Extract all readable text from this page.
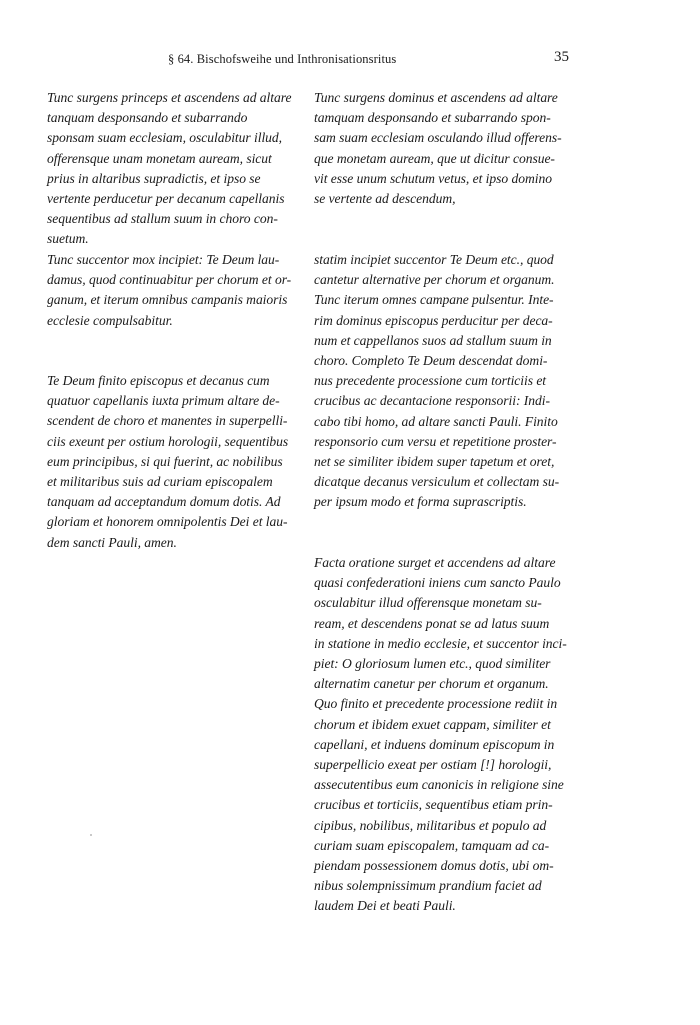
§ 64. Bischofsweihe und Inthronisationsritus	35

Tunc surgens princeps et ascendens ad altare
tanquam desponsando et subarrando
sponsam suam ecclesiam, osculabitur illud,
offerensque unam monetam auream, sicut
prius in altaribus supradictis, et ipso se
vertente perducetur per decanum capellanis
sequentibus ad stallum suum in choro con-
suetum.

Tunc succentor mox incipiet: Te Deum lau-
damus, quod continuabitur per chorum et or-
ganum, et iterum omnibus campanis maioris
ecclesie compulsabitur.

Te Deum finito episcopus et decanus cum
quatuor capellanis iuxta primum altare de-
scendent de choro et manentes in superpelli-
ciis exeunt per ostium horologii, sequentibus
eum principibus, si qui fuerint, ac nobilibus
et militaribus suis ad curiam episcopalem
tanquam ad acceptandum domum dotis. Ad
gloriam et honorem omnipolentis Dei et lau-
dem sancti Pauli, amen.

Tunc surgens dominus et ascendens ad altare
tamquam desponsando et subarrando spon-
sam suam ecclesiam osculando illud offerens-
que monetam auream, que ut dicitur consue-
vit esse unum schutum vetus, et ipso domino
se vertente ad descendum,

statim incipiet succentor Te Deum etc., quod
cantetur alternative per chorum et organum.
Tunc iterum omnes campane pulsentur. Inte-
rim dominus episcopus perducitur per deca-
num et cappellanos suos ad stallum suum in
choro. Completo Te Deum descendat domi-
nus precedente processione cum torticiis et
crucibus ac decantacione responsorii: Indi-
cabo tibi homo, ad altare sancti Pauli. Finito
responsorio cum versu et repetitione proster-
net se similiter ibidem super tapetum et oret,
dicatque decanus versiculum et collectam su-
per ipsum modo et forma suprascriptis.

Facta oratione surget et accendens ad altare
quasi confederationi iniens cum sancto Paulo
osculabitur illud offerensque monetam su-
ream, et descendens ponat se ad latus suum
in statione in medio ecclesie, et succentor inci-
piet: O gloriosum lumen etc., quod similiter
alternatim canetur per chorum et organum.
Quo finito et precedente processione rediit in
chorum et ibidem exuet cappam, similiter et
capellani, et induens dominum episcopum in
superpellicio exeat per ostiam [!] horologii,
assecutentibus eum canonicis in religione sine
crucibus et torticiis, sequentibus etiam prin-
cipibus, nobilibus, militaribus et populo ad
curiam suam episcopalem, tamquam ad ca-
piendam possessionem domus dotis, ubi om-
nibus solempnissimum prandium faciet ad
laudem Dei et beati Pauli.
